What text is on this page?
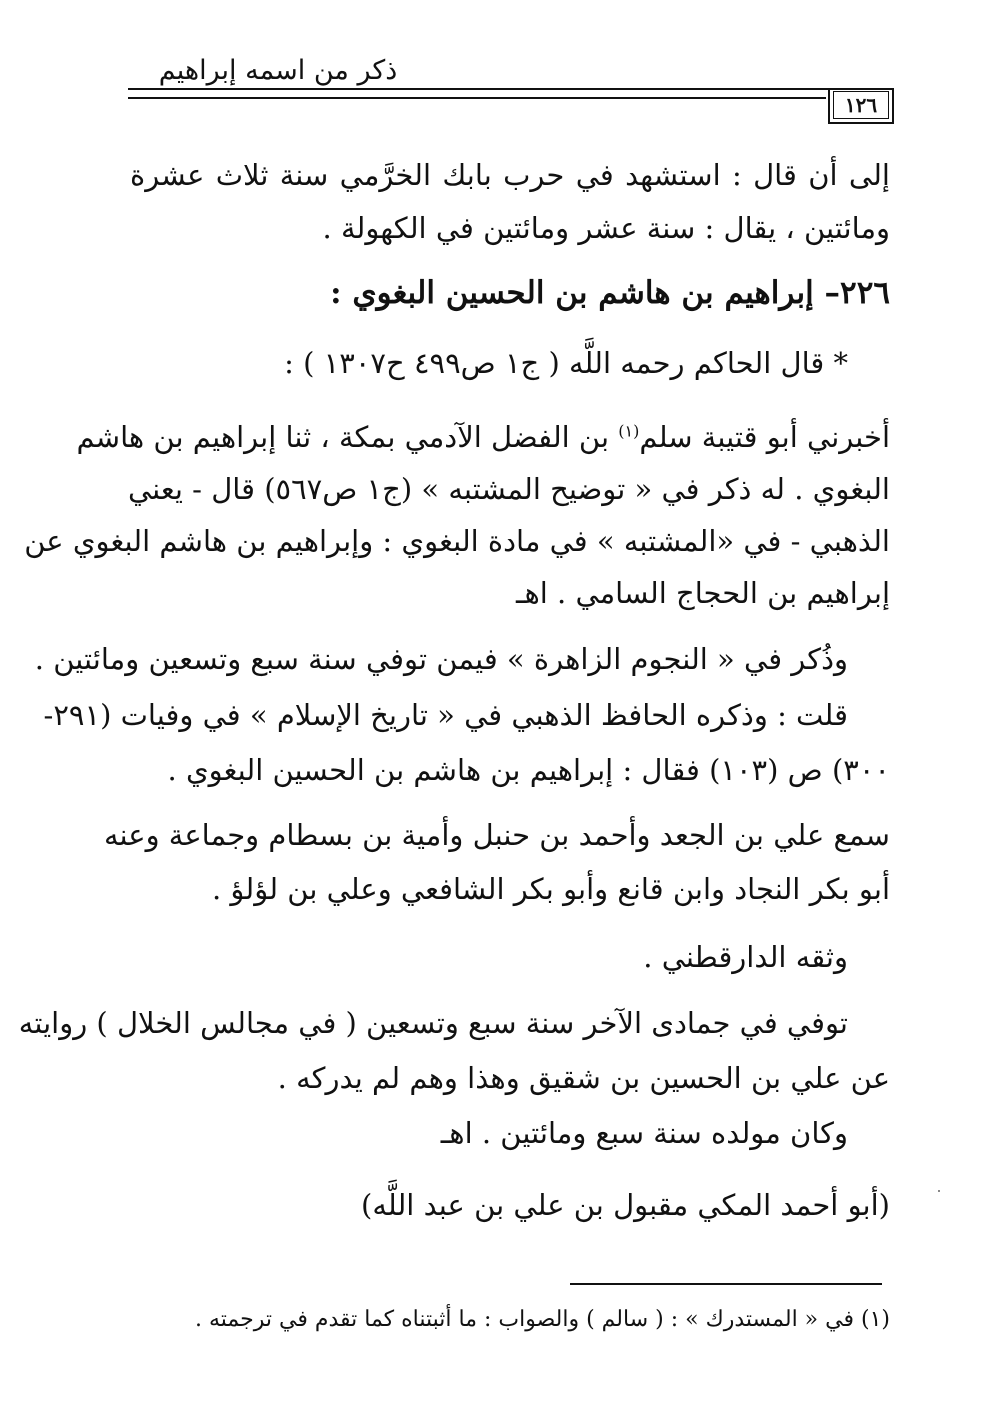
ذكر من اسمه إبراهيم
١٢٦
إلى أن قال : استشهد في حرب بابك الخرَّمي سنة ثلاث عشرة
ومائتين ، يقال : سنة عشر ومائتين في الكهولة .
٢٢٦– إبراهيم بن هاشم بن الحسين البغوي :
* قال الحاكم رحمه اللَّه ( ج١ ص٤٩٩ ح١٣٠٧ ) :
أخبرني أبو قتيبة سلم$^{(١)}$ بن الفضل الآدمي بمكة ، ثنا إبراهيم بن هاشم
البغوي . له ذكر في « توضيح المشتبه » (ج١ ص٥٦٧) قال - يعني
الذهبي - في «المشتبه » في مادة البغوي : وإبراهيم بن هاشم البغوي عن
إبراهيم بن الحجاج السامي . اهـ
وذُكر في « النجوم الزاهرة » فيمن توفي سنة سبع وتسعين ومائتين .
قلت : وذكره الحافظ الذهبي في « تاريخ الإسلام » في وفيات (٢٩١-
٣٠٠) ص (١٠٣) فقال : إبراهيم بن هاشم بن الحسين البغوي .
سمع علي بن الجعد وأحمد بن حنبل وأمية بن بسطام وجماعة وعنه
أبو بكر النجاد وابن قانع وأبو بكر الشافعي وعلي بن لؤلؤ .
وثقه الدارقطني .
توفي في جمادى الآخر سنة سبع وتسعين ( في مجالس الخلال ) روايته
عن علي بن الحسين بن شقيق وهذا وهم لم يدركه .
وكان مولده سنة سبع ومائتين . اهـ
(أبو أحمد المكي مقبول بن علي بن عبد اللَّه)
(١) في « المستدرك » : ( سالم ) والصواب : ما أثبتناه كما تقدم في ترجمته .
